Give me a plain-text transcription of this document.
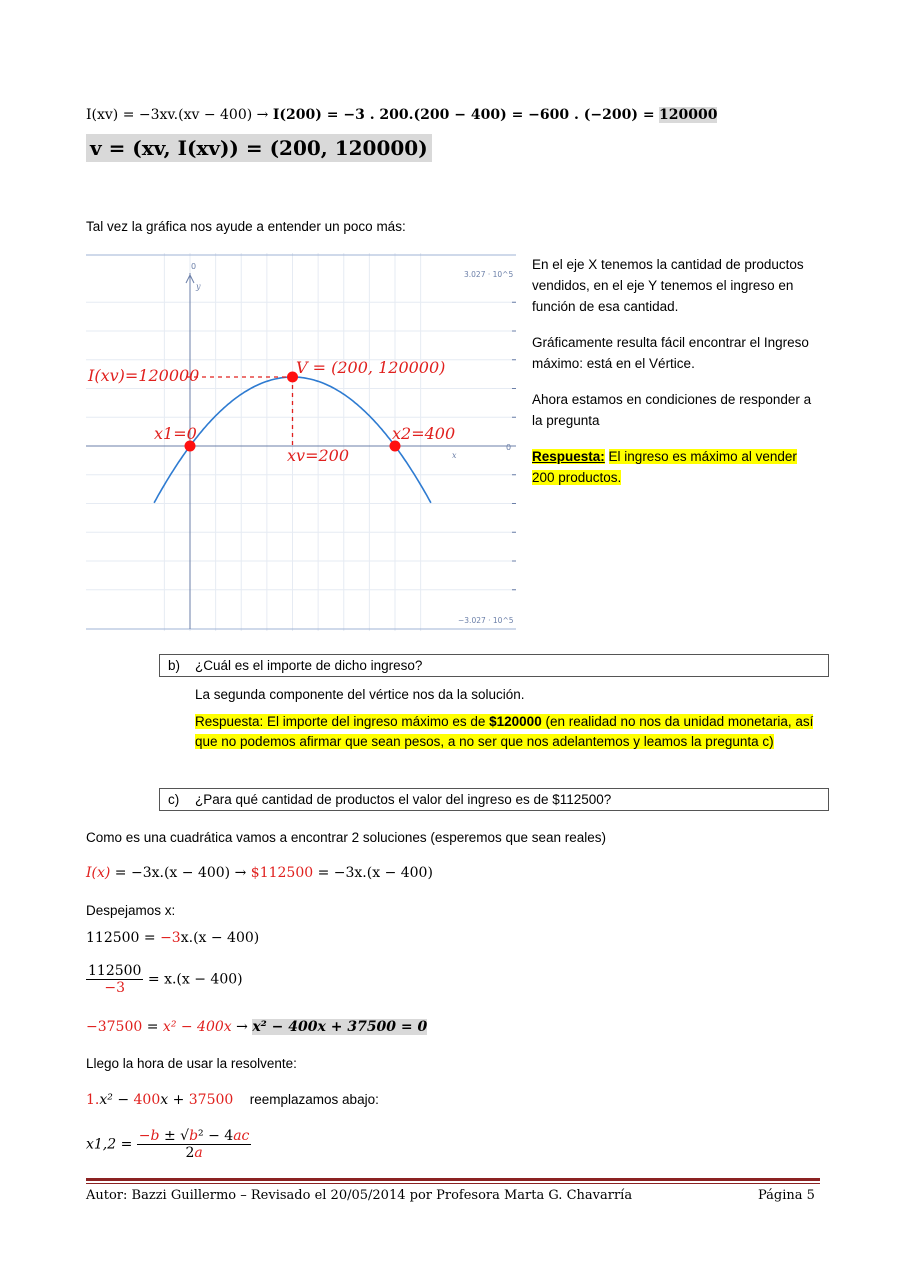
I(xv) = −3xv.(xv − 400) → I(200) = −3 . 200.(200 − 400) = −600 . (−200) = 120000
v = (xv, I(xv)) = (200, 120000)
Tal vez la gráfica nos ayude a entender un poco más:
0
y
x
3.027 · 10^5
−3.027 · 10^5
0
V = (200, 120000)
I(xv)=120000
x1=0	x2=400
xv=200
En el eje X tenemos la cantidad de productos vendidos, en el eje Y tenemos el ingreso en función de esa cantidad.
Gráficamente resulta fácil encontrar el Ingreso máximo: está en el Vértice.
Ahora estamos en condiciones de responder a la pregunta
Respuesta: El ingreso es máximo al vender 200 productos.
b) ¿Cuál es el importe de dicho ingreso?
La segunda componente del vértice nos da la solución.
Respuesta: El importe del ingreso máximo es de $120000 (en realidad no nos da unidad monetaria, así que no podemos afirmar que sean pesos, a no ser que nos adelantemos y leamos la pregunta c)
c) ¿Para qué cantidad de productos el valor del ingreso es de $112500?
Como es una cuadrática vamos a encontrar 2 soluciones (esperemos que sean reales)
I(x) = −3x.(x − 400) → $112500 = −3x.(x − 400)
Despejamos x:
112500 = −3x.(x − 400)
$\frac{112500}{-3} = x.(x - 400)$
−37500 = x² − 400x → x² − 400x + 37500 = 0
Llego la hora de usar la resolvente:
1.x² − 400x + 37500 reemplazamos abajo:
$x1,2 = \frac{\text{−b ± √b² − 4ac}}{2a}$
Autor: Bazzi Guillermo – Revisado el 20/05/2014 por Profesora Marta G. Chavarría	Página 5
